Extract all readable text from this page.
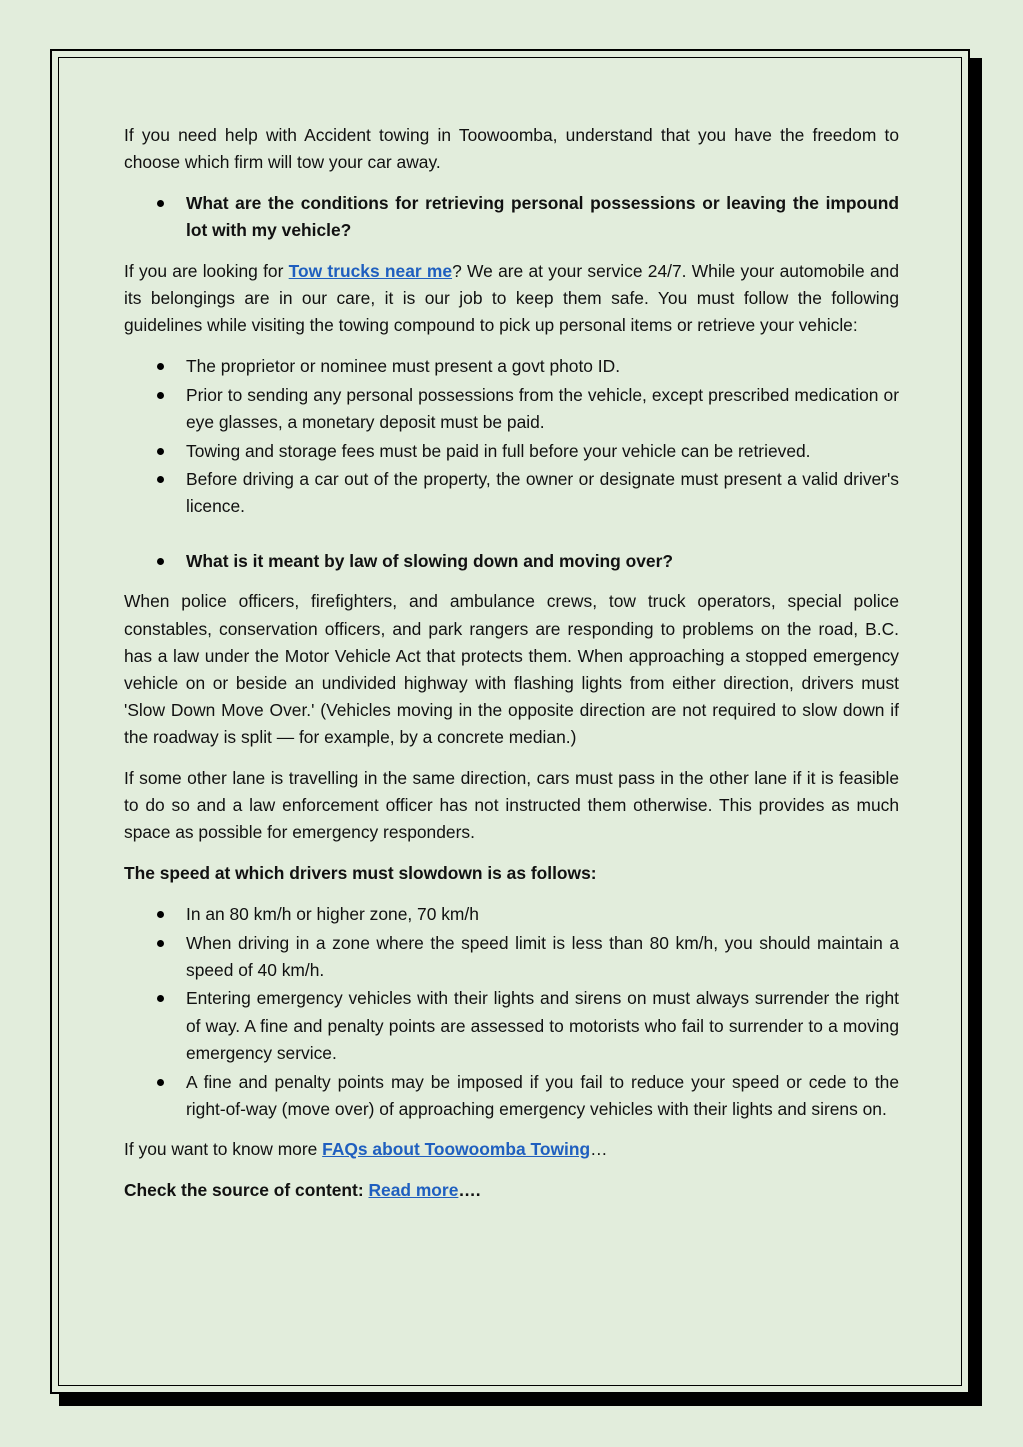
If you need help with Accident towing in Toowoomba, understand that you have the freedom to choose which firm will tow your car away.

What are the conditions for retrieving personal possessions or leaving the impound lot with my vehicle?

If you are looking for Tow trucks near me? We are at your service 24/7. While your automobile and its belongings are in our care, it is our job to keep them safe. You must follow the following guidelines while visiting the towing compound to pick up personal items or retrieve your vehicle:

The proprietor or nominee must present a govt photo ID.
Prior to sending any personal possessions from the vehicle, except prescribed medication or eye glasses, a monetary deposit must be paid.
Towing and storage fees must be paid in full before your vehicle can be retrieved.
Before driving a car out of the property, the owner or designate must present a valid driver's licence.
What is it meant by law of slowing down and moving over?

When police officers, firefighters, and ambulance crews, tow truck operators, special police constables, conservation officers, and park rangers are responding to problems on the road, B.C. has a law under the Motor Vehicle Act that protects them. When approaching a stopped emergency vehicle on or beside an undivided highway with flashing lights from either direction, drivers must 'Slow Down Move Over.' (Vehicles moving in the opposite direction are not required to slow down if the roadway is split — for example, by a concrete median.)

If some other lane is travelling in the same direction, cars must pass in the other lane if it is feasible to do so and a law enforcement officer has not instructed them otherwise. This provides as much space as possible for emergency responders.

The speed at which drivers must slowdown is as follows:

In an 80 km/h or higher zone, 70 km/h
When driving in a zone where the speed limit is less than 80 km/h, you should maintain a speed of 40 km/h.
Entering emergency vehicles with their lights and sirens on must always surrender the right of way. A fine and penalty points are assessed to motorists who fail to surrender to a moving emergency service.
A fine and penalty points may be imposed if you fail to reduce your speed or cede to the right-of-way (move over) of approaching emergency vehicles with their lights and sirens on.

If you want to know more FAQs about Toowoomba Towing…

Check the source of content: Read more….
